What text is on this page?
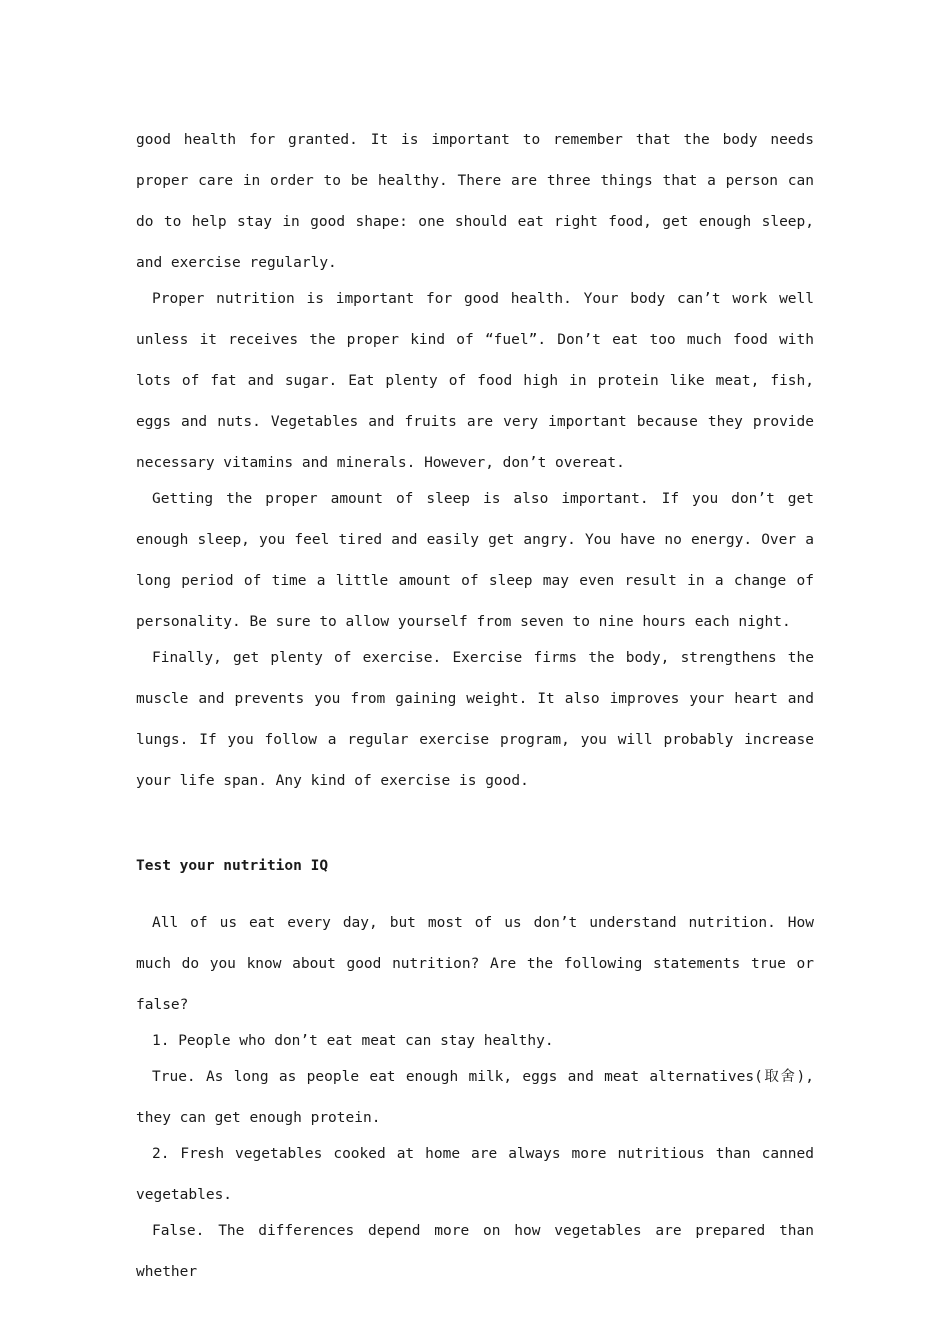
good health for granted. It is important to remember that the body needs proper care in order to be healthy. There are three things that a person can do to help stay in good shape: one should eat right food, get enough sleep, and exercise regularly.

Proper nutrition is important for good health. Your body can’t work well unless it receives the proper kind of “fuel”. Don’t eat too much food with lots of fat and sugar. Eat plenty of food high in protein like meat, fish, eggs and nuts. Vegetables and fruits are very important because they provide necessary vitamins and minerals. However, don’t overeat.

Getting the proper amount of sleep is also important. If you don’t get enough sleep, you feel tired and easily get angry. You have no energy. Over a long period of time a little amount of sleep may even result in a change of personality. Be sure to allow yourself from seven to nine hours each night.

Finally, get plenty of exercise. Exercise firms the body, strengthens the muscle and prevents you from gaining weight. It also improves your heart and lungs. If you follow a regular exercise program, you will probably increase your life span. Any kind of exercise is good.

Test your nutrition IQ

All of us eat every day, but most of us don’t understand nutrition. How much do you know about good nutrition? Are the following statements true or false?

1. People who don’t eat meat can stay healthy.

True. As long as people eat enough milk, eggs and meat alternatives(取舍), they can get enough protein.

2. Fresh vegetables cooked at home are always more nutritious than canned vegetables.

False. The differences depend more on how vegetables are prepared than whether
